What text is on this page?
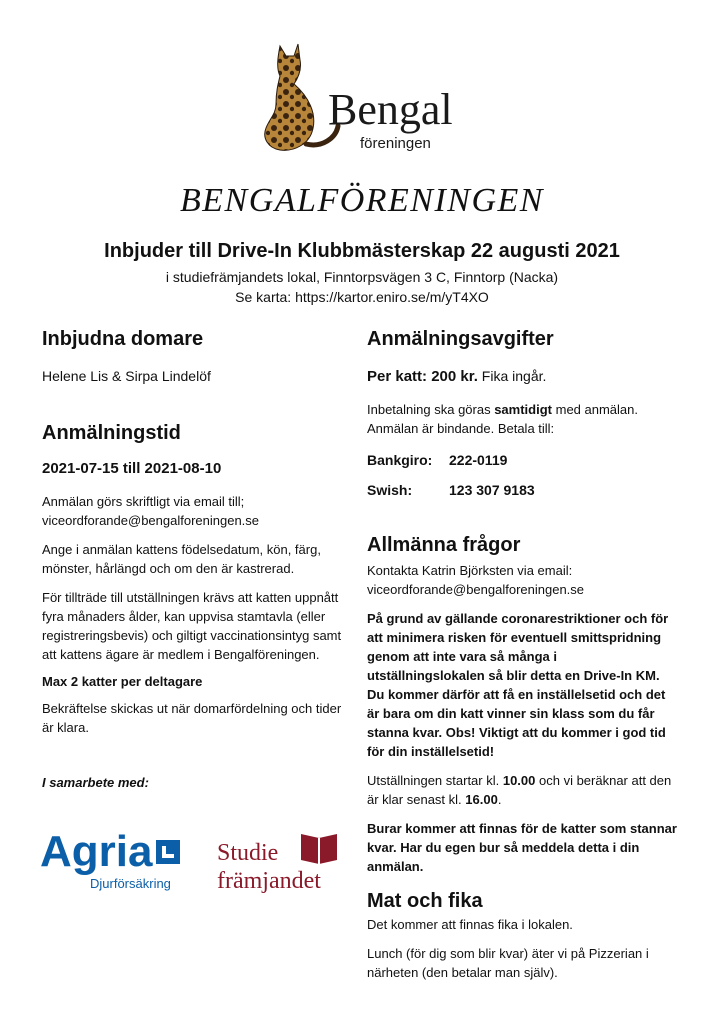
Bengal
föreningen
BENGALFÖRENINGEN
Inbjuder till Drive-In Klubbmästerskap 22 augusti 2021
i studiefrämjandets lokal, Finntorpsvägen 3 C, Finntorp (Nacka)
Se karta: https://kartor.eniro.se/m/yT4XO
Inbjudna domare

Helene Lis & Sirpa Lindelöf

Anmälningstid

2021-07-15 till 2021-08-10

Anmälan görs skriftligt via email till; viceordforande@bengalforeningen.se

Ange i anmälan kattens födelsedatum, kön, färg, mönster, hårlängd och om den är kastrerad.

För tillträde till utställningen krävs att katten uppnått fyra månaders ålder, kan uppvisa stamtavla (eller registreringsbevis) och giltigt vaccinationsintyg samt att kattens ägare är medlem i Bengalföreningen.

Max 2 katter per deltagare

Bekräftelse skickas ut när domarfördelning och tider är klara.

I samarbete med:

Agria
Djurförsäkring
Studie
främjandet
Anmälningsavgifter

Per katt: 200 kr. Fika ingår.

Inbetalning ska göras samtidigt med anmälan. Anmälan är bindande. Betala till:

Bankgiro: 222-0119
Swish:	123 307 9183
Allmänna frågor

Kontakta Katrin Björksten via email:

viceordforande@bengalforeningen.se

På grund av gällande coronarestriktioner och för att minimera risken för eventuell smittspridning genom att inte vara så många i utställningslokalen så blir detta en Drive-In KM. Du kommer därför att få en inställelsetid och det är bara om din katt vinner sin klass som du får stanna kvar. Obs! Viktigt att du kommer i god tid för din inställelsetid!

Utställningen startar kl. 10.00 och vi beräknar att den är klar senast kl. 16.00.

Burar kommer att finnas för de katter som stannar kvar. Har du egen bur så meddela detta i din anmälan.

Mat och fika

Det kommer att finnas fika i lokalen.

Lunch (för dig som blir kvar) äter vi på Pizzerian i närheten (den betalar man själv).
